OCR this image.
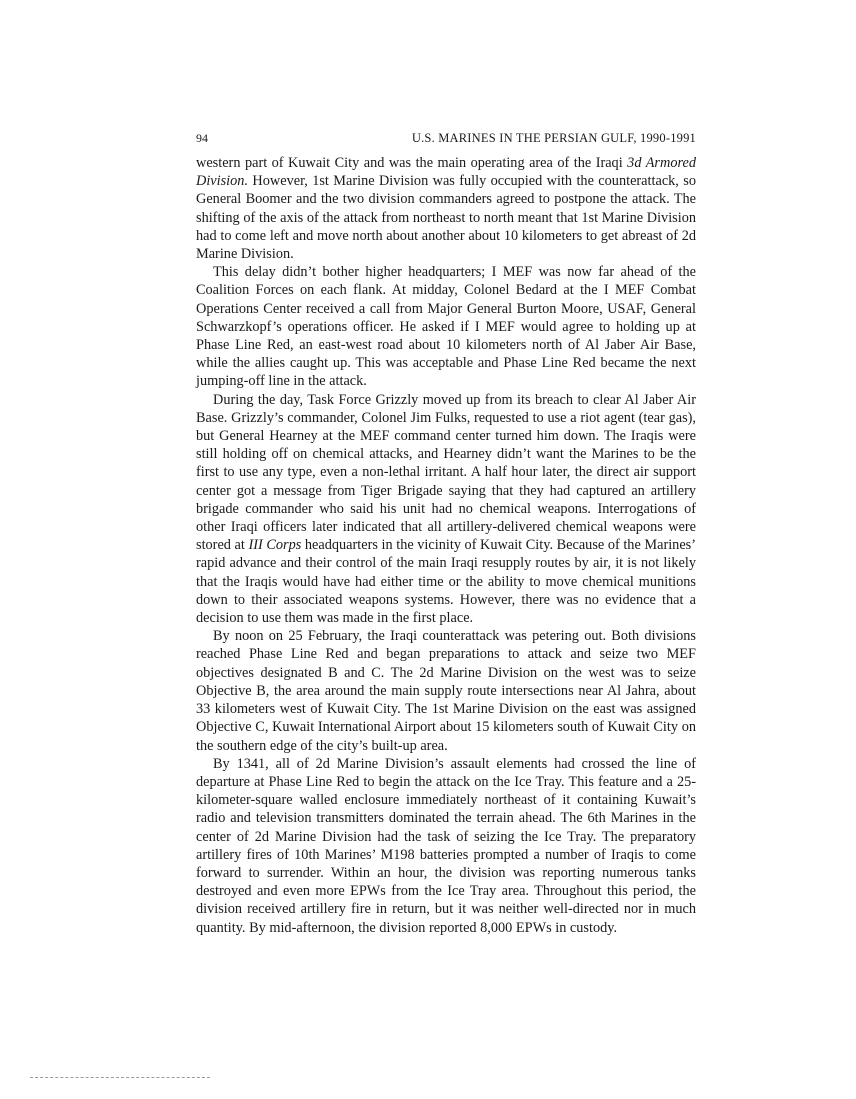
94	U.S. MARINES IN THE PERSIAN GULF, 1990-1991

western part of Kuwait City and was the main operating area of the Iraqi 3d Armored Division. However, 1st Marine Division was fully occupied with the counterattack, so General Boomer and the two division commanders agreed to postpone the attack. The shifting of the axis of the attack from northeast to north meant that 1st Marine Division had to come left and move north about another about 10 kilometers to get abreast of 2d Marine Division.

This delay didn’t bother higher headquarters; I MEF was now far ahead of the Coalition Forces on each flank. At midday, Colonel Bedard at the I MEF Combat Operations Center received a call from Major General Burton Moore, USAF, General Schwarzkopf’s operations officer. He asked if I MEF would agree to holding up at Phase Line Red, an east-west road about 10 kilometers north of Al Jaber Air Base, while the allies caught up. This was acceptable and Phase Line Red became the next jumping-off line in the attack.

During the day, Task Force Grizzly moved up from its breach to clear Al Jaber Air Base. Grizzly’s commander, Colonel Jim Fulks, requested to use a riot agent (tear gas), but General Hearney at the MEF command center turned him down. The Iraqis were still holding off on chemical attacks, and Hearney didn’t want the Marines to be the first to use any type, even a non-lethal irritant. A half hour later, the direct air support center got a message from Tiger Brigade saying that they had captured an artillery brigade commander who said his unit had no chemical weapons. Interrogations of other Iraqi officers later indicated that all artillery-delivered chemical weapons were stored at III Corps headquarters in the vicinity of Kuwait City. Because of the Marines’ rapid advance and their control of the main Iraqi resupply routes by air, it is not likely that the Iraqis would have had either time or the ability to move chemical munitions down to their associated weapons systems. However, there was no evidence that a decision to use them was made in the first place.

By noon on 25 February, the Iraqi counterattack was petering out. Both divisions reached Phase Line Red and began preparations to attack and seize two MEF objectives designated B and C. The 2d Marine Division on the west was to seize Objective B, the area around the main supply route intersections near Al Jahra, about 33 kilometers west of Kuwait City. The 1st Marine Division on the east was assigned Objective C, Kuwait International Airport about 15 kilometers south of Kuwait City on the southern edge of the city’s built-up area.

By 1341, all of 2d Marine Division’s assault elements had crossed the line of departure at Phase Line Red to begin the attack on the Ice Tray. This feature and a 25-kilometer-square walled enclosure immediately northeast of it containing Kuwait’s radio and television transmitters dominated the terrain ahead. The 6th Marines in the center of 2d Marine Division had the task of seizing the Ice Tray. The preparatory artillery fires of 10th Marines’ M198 batteries prompted a number of Iraqis to come forward to surrender. Within an hour, the division was reporting numerous tanks destroyed and even more EPWs from the Ice Tray area. Throughout this period, the division received artillery fire in return, but it was neither well-directed nor in much quantity. By mid-afternoon, the division reported 8,000 EPWs in custody.
